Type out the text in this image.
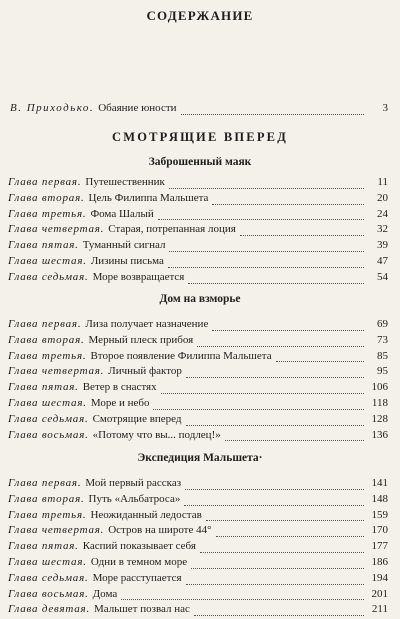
СОДЕРЖАНИЕ
В. Приходько. Обаяние юности	3
СМОТРЯЩИЕ ВПЕРЕД
Заброшенный маяк
Глава первая. Путешественник	11
Глава вторая. Цель Филиппа Мальшета	20
Глава третья. Фома Шалый	24
Глава четвертая. Старая, потрепанная лоция	32
Глава пятая. Туманный сигнал	39
Глава шестая. Лизины письма	47
Глава седьмая. Море возвращается	54
Дом на взморье
Глава первая. Лиза получает назначение	69
Глава вторая. Мерный плеск прибоя	73
Глава третья. Второе появление Филиппа Мальшета	85
Глава четвертая. Личный фактор	95
Глава пятая. Ветер в снастях	106
Глава шестая. Море и небо	118
Глава седьмая. Смотрящие вперед	128
Глава восьмая. «Потому что вы... подлец!»	136
Экспедиция Мальшета·
Глава первая. Мой первый рассказ	141
Глава вторая. Путь «Альбатроса»	148
Глава третья. Неожиданный ледостав	159
Глава четвертая. Остров на широте 44°	170
Глава пятая. Каспий показывает себя	177
Глава шестая. Одни в темном море	186
Глава седьмая. Море расступается	194
Глава восьмая. Дома	201
Глава девятая. Мальшет позвал нас	211
